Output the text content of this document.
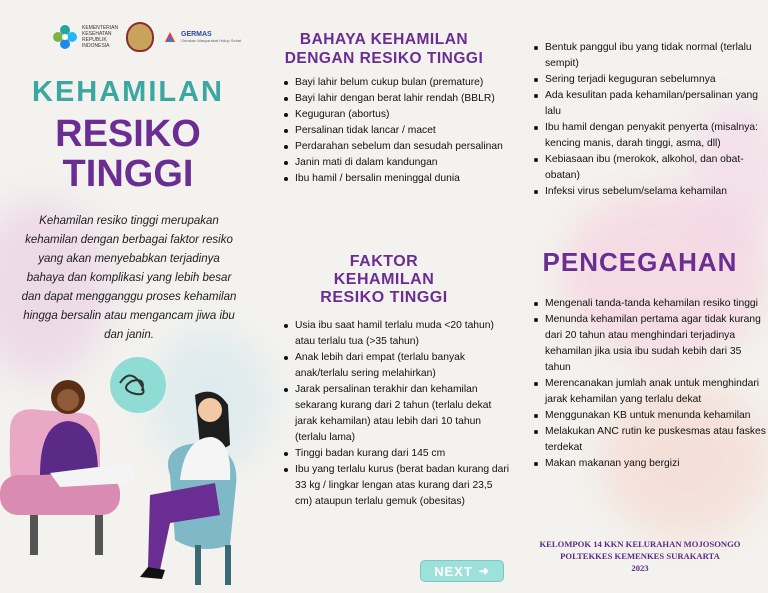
KEMENTERIAN KESEHATAN REPUBLIK INDONESIA
GERMAS
Gerakan Masyarakat Hidup Sehat
KEHAMILAN
RESIKO
TINGGI
Kehamilan resiko tinggi merupakan kehamilan dengan berbagai faktor resiko yang akan menyebabkan terjadinya bahaya dan komplikasi yang lebih besar dan dapat mengganggu proses kehamilan hingga bersalin atau mengancam jiwa ibu dan janin.
BAHAYA KEHAMILAN
DENGAN RESIKO TINGGI
Bayi lahir belum cukup bulan (premature)
Bayi lahir dengan berat lahir rendah (BBLR)
Keguguran (abortus)
Persalinan tidak lancar / macet
Perdarahan sebelum dan sesudah persalinan
Janin mati di dalam kandungan
Ibu hamil / bersalin meninggal dunia
FAKTOR
KEHAMILAN
RESIKO TINGGI
Usia ibu saat hamil terlalu muda <20 tahun) atau terlalu tua (>35 tahun)
Anak lebih dari empat (terlalu banyak anak/terlalu sering melahirkan)
Jarak persalinan terakhir dan kehamilan sekarang kurang dari 2 tahun (terlalu dekat jarak kehamilan) atau lebih dari 10 tahun (terlalu lama)
Tinggi badan kurang dari 145 cm
Ibu yang terlalu kurus (berat badan kurang dari 33 kg / lingkar lengan atas kurang dari 23,5 cm) ataupun terlalu gemuk (obesitas)
Bentuk panggul ibu yang tidak normal (terlalu sempit)
Sering terjadi keguguran sebelumnya
Ada kesulitan pada kehamilan/persalinan yang lalu
Ibu hamil dengan penyakit penyerta (misalnya: kencing manis, darah tinggi, asma, dll)
Kebiasaan ibu (merokok, alkohol, dan obat-obatan)
Infeksi virus sebelum/selama kehamilan
PENCEGAHAN
Mengenali tanda-tanda kehamilan resiko tinggi
Menunda kehamilan pertama agar tidak kurang dari 20 tahun atau menghindari terjadinya kehamilan jika usia ibu sudah kebih dari 35 tahun
Merencanakan jumlah anak untuk menghindari jarak kehamilan yang terlalu dekat
Menggunakan KB untuk menunda kehamilan
Melakukan ANC rutin ke puskesmas atau faskes terdekat
Makan makanan yang bergizi
KELOMPOK 14 KKN KELURAHAN MOJOSONGO
POLTEKKES KEMENKES SURAKARTA
2023
NEXT ➜
